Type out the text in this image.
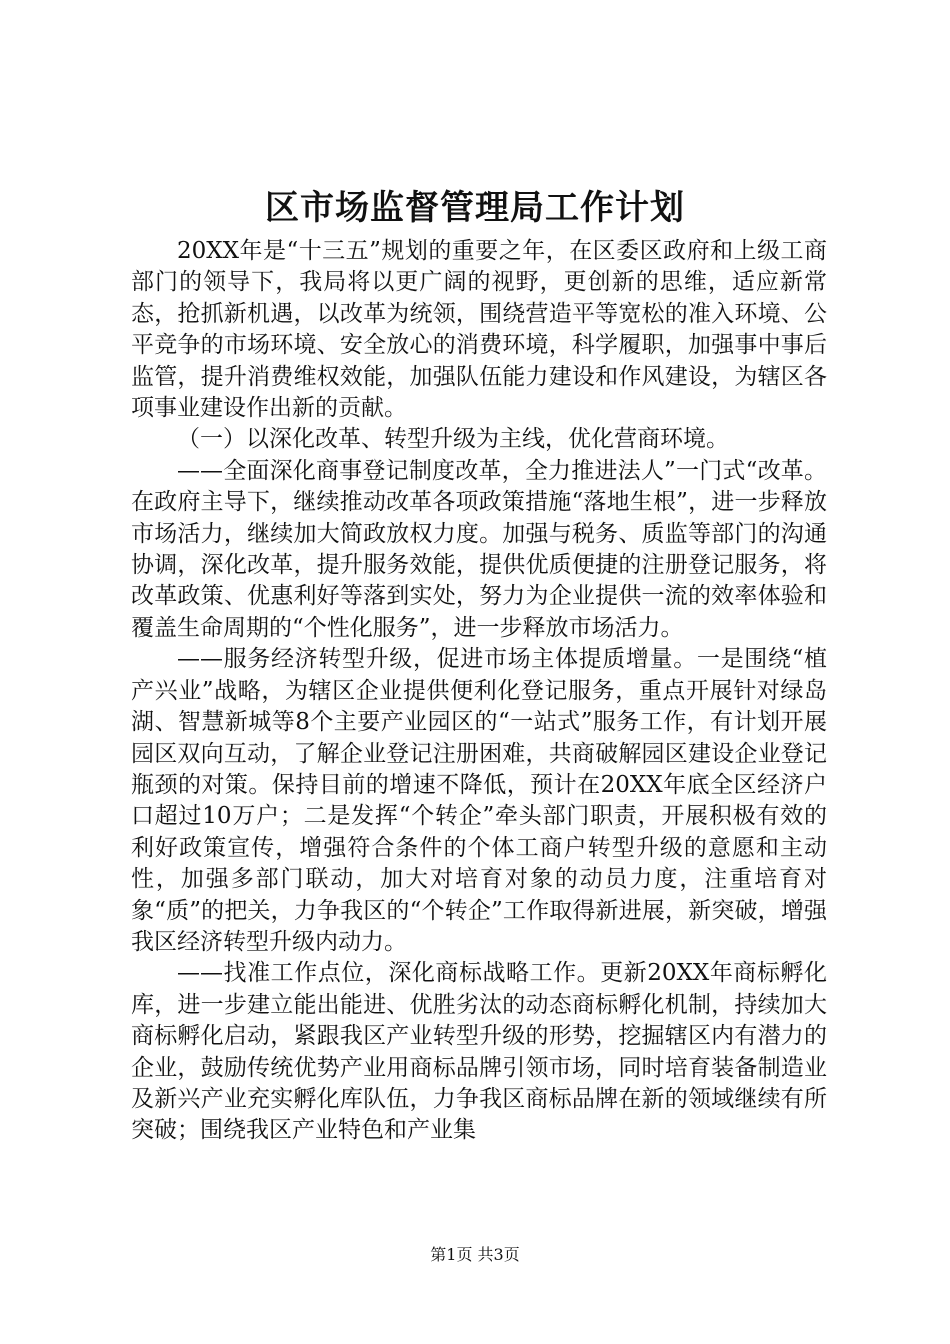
区市场监督管理局工作计划

20XX年是“十三五”规划的重要之年，在区委区政府和上级工商部门的领导下，我局将以更广阔的视野，更创新的思维，适应新常态，抢抓新机遇，以改革为统领，围绕营造平等宽松的准入环境、公平竞争的市场环境、安全放心的消费环境，科学履职，加强事中事后监管，提升消费维权效能，加强队伍能力建设和作风建设，为辖区各项事业建设作出新的贡献。

（一）以深化改革、转型升级为主线，优化营商环境。

——全面深化商事登记制度改革，全力推进法人”一门式“改革。在政府主导下，继续推动改革各项政策措施“落地生根”，进一步释放市场活力，继续加大简政放权力度。加强与税务、质监等部门的沟通协调，深化改革，提升服务效能，提供优质便捷的注册登记服务，将改革政策、优惠利好等落到实处，努力为企业提供一流的效率体验和覆盖生命周期的“个性化服务”，进一步释放市场活力。

——服务经济转型升级，促进市场主体提质增量。一是围绕“植产兴业”战略，为辖区企业提供便利化登记服务，重点开展针对绿岛湖、智慧新城等8个主要产业园区的“一站式”服务工作，有计划开展园区双向互动，了解企业登记注册困难，共商破解园区建设企业登记瓶颈的对策。保持目前的增速不降低，预计在20XX年底全区经济户口超过10万户；二是发挥“个转企”牵头部门职责，开展积极有效的利好政策宣传，增强符合条件的个体工商户转型升级的意愿和主动性，加强多部门联动，加大对培育对象的动员力度，注重培育对象“质”的把关，力争我区的“个转企”工作取得新进展，新突破，增强我区经济转型升级内动力。

——找准工作点位，深化商标战略工作。更新20XX年商标孵化库，进一步建立能出能进、优胜劣汰的动态商标孵化机制，持续加大商标孵化启动，紧跟我区产业转型升级的形势，挖掘辖区内有潜力的企业，鼓励传统优势产业用商标品牌引领市场，同时培育装备制造业及新兴产业充实孵化库队伍，力争我区商标品牌在新的领域继续有所突破；围绕我区产业特色和产业集

第1页 共3页
